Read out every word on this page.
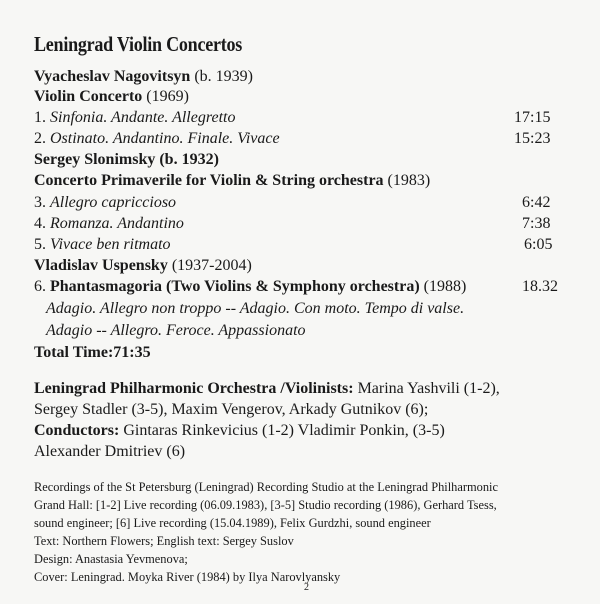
Leningrad Violin Concertos
Vyacheslav Nagovitsyn (b. 1939)
Violin Concerto (1969)
1. Sinfonia. Andante. Allegretto	17:15
2. Ostinato. Andantino. Finale. Vivace	15:23
Sergey Slonimsky (b. 1932)
Concerto Primaverile for Violin & String orchestra (1983)
3. Allegro capriccioso	6:42
4. Romanza. Andantino	7:38
5. Vivace ben ritmato	6:05
Vladislav Uspensky (1937-2004)
6. Phantasmagoria (Two Violins & Symphony orchestra) (1988)	18.32
Adagio. Allegro non troppo -- Adagio. Con moto. Tempo di valse.
Adagio -- Allegro. Feroce. Appassionato
Total Time:71:35
Leningrad Philharmonic Orchestra /Violinists: Marina Yashvili (1-2),
Sergey Stadler (3-5), Maxim Vengerov, Arkady Gutnikov (6);
Conductors: Gintaras Rinkevicius (1-2) Vladimir Ponkin, (3-5)
Alexander Dmitriev (6)
Recordings of the St Petersburg (Leningrad) Recording Studio at the Leningrad Philharmonic
Grand Hall: [1-2] Live recording (06.09.1983), [3-5] Studio recording (1986), Gerhard Tsess,
sound engineer; [6] Live recording (15.04.1989), Felix Gurdzhi, sound engineer
Text: Northern Flowers; English text: Sergey Suslov
Design: Anastasia Yevmenova;
Cover: Leningrad. Moyka River (1984) by Ilya Narovlyansky
2
